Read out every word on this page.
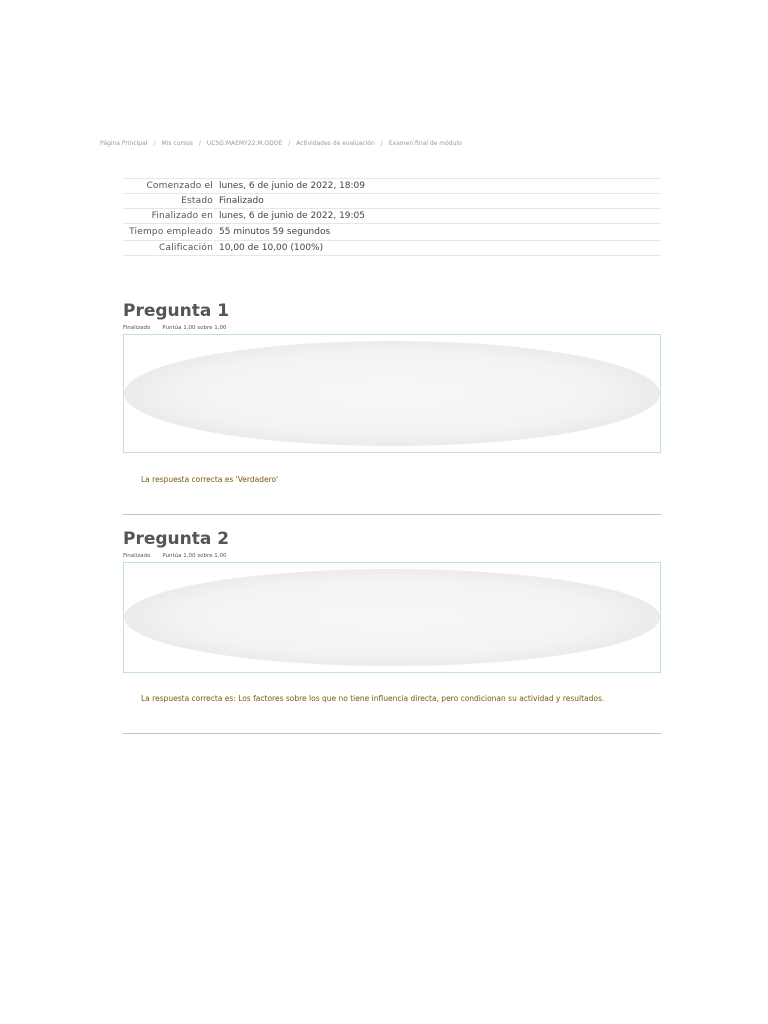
Página Principal / Mis cursos / UCSG.MAEMY22.M.ODOE / Actividades de evaluación / Examen final de módulo
Comenzado el	lunes, 6 de junio de 2022, 18:09
Estado	Finalizado
Finalizado en	lunes, 6 de junio de 2022, 19:05
Tiempo empleado	55 minutos 59 segundos
Calificación	10,00 de 10,00 (100%)
Pregunta 1
Finalizado Puntúa 1,00 sobre 1,00
La respuesta correcta es 'Verdadero'
Pregunta 2
Finalizado Puntúa 1,00 sobre 1,00
La respuesta correcta es: Los factores sobre los que no tiene influencia directa, pero condicionan su actividad y resultados.
